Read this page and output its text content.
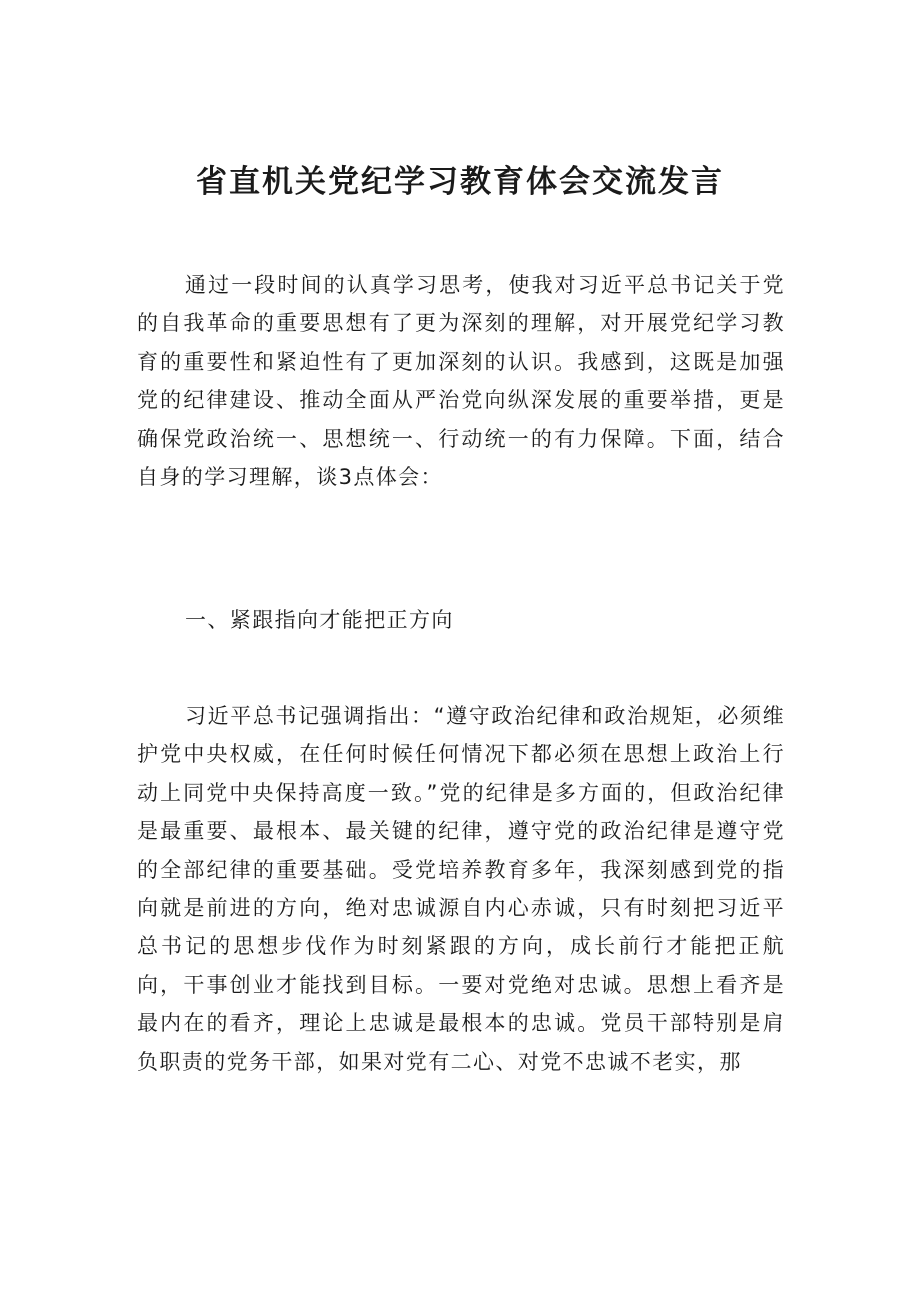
省直机关党纪学习教育体会交流发言

通过一段时间的认真学习思考，使我对习近平总书记关于党的自我革命的重要思想有了更为深刻的理解，对开展党纪学习教育的重要性和紧迫性有了更加深刻的认识。我感到，这既是加强党的纪律建设、推动全面从严治党向纵深发展的重要举措，更是确保党政治统一、思想统一、行动统一的有力保障。下面，结合自身的学习理解，谈3点体会：

一、紧跟指向才能把正方向

习近平总书记强调指出：“遵守政治纪律和政治规矩，必须维护党中央权威，在任何时候任何情况下都必须在思想上政治上行动上同党中央保持高度一致。”党的纪律是多方面的，但政治纪律是最重要、最根本、最关键的纪律，遵守党的政治纪律是遵守党的全部纪律的重要基础。受党培养教育多年，我深刻感到党的指向就是前进的方向，绝对忠诚源自内心赤诚，只有时刻把习近平总书记的思想步伐作为时刻紧跟的方向，成长前行才能把正航向，干事创业才能找到目标。一要对党绝对忠诚。思想上看齐是最内在的看齐，理论上忠诚是最根本的忠诚。党员干部特别是肩负职责的党务干部，如果对党有二心、对党不忠诚不老实，那
